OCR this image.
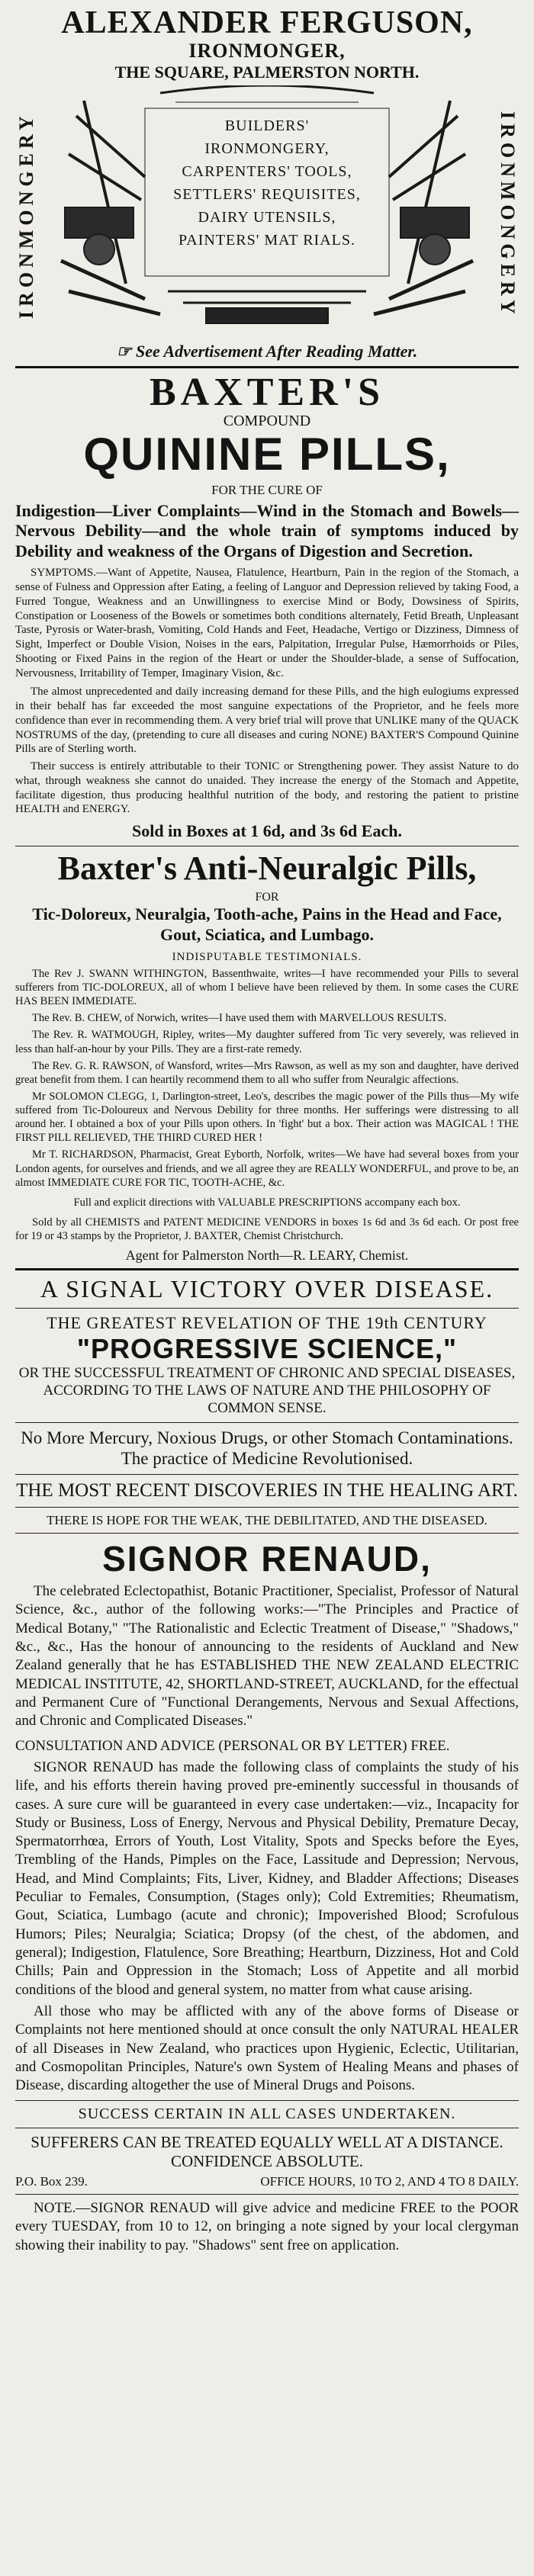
ALEXANDER FERGUSON,
IRONMONGER,
THE SQUARE, PALMERSTON NORTH.
IRONMONGERY	IRONMONGERY
BUILDERS' IRONMONGERY,
CARPENTERS' TOOLS,
SETTLERS' REQUISITES,
DAIRY UTENSILS,
PAINTERS' MAT RIALS.
☞ See Advertisement After Reading Matter.
BAXTER'S
COMPOUND
QUININE PILLS,
FOR THE CURE OF

Indigestion—Liver Complaints—Wind in the Stomach and Bowels—Nervous Debility—and the whole train of symptoms induced by Debility and weakness of the Organs of Digestion and Secretion.

SYMPTOMS.—Want of Appetite, Nausea, Flatulence, Heartburn, Pain in the region of the Stomach, a sense of Fulness and Oppression after Eating, a feeling of Languor and Depression relieved by taking Food, a Furred Tongue, Weakness and an Unwillingness to exercise Mind or Body, Dowsiness of Spirits, Constipation or Looseness of the Bowels or sometimes both conditions alternately, Fetid Breath, Unpleasant Taste, Pyrosis or Water-brash, Vomiting, Cold Hands and Feet, Headache, Vertigo or Dizziness, Dimness of Sight, Imperfect or Double Vision, Noises in the ears, Palpitation, Irregular Pulse, Hæmorrhoids or Piles, Shooting or Fixed Pains in the region of the Heart or under the Shoulder-blade, a sense of Suffocation, Nervousness, Irritability of Temper, Imaginary Vision, &c.

The almost unprecedented and daily increasing demand for these Pills, and the high eulogiums expressed in their behalf has far exceeded the most sanguine expectations of the Proprietor, and he feels more confidence than ever in recommending them. A very brief trial will prove that UNLIKE many of the QUACK NOSTRUMS of the day, (pretending to cure all diseases and curing NONE) BAXTER'S Compound Quinine Pills are of Sterling worth.

Their success is entirely attributable to their TONIC or Strengthening power. They assist Nature to do what, through weakness she cannot do unaided. They increase the energy of the Stomach and Appetite, facilitate digestion, thus producing healthful nutrition of the body, and restoring the patient to pristine HEALTH and ENERGY.

Sold in Boxes at 1 6d, and 3s 6d Each.
Baxter's Anti-Neuralgic Pills,
FOR
Tic-Doloreux, Neuralgia, Tooth-ache, Pains in the Head and Face, Gout, Sciatica, and Lumbago.
INDISPUTABLE TESTIMONIALS.

The Rev J. SWANN WITHINGTON, Bassenthwaite, writes—I have recommended your Pills to several sufferers from TIC-DOLOREUX, all of whom I believe have been relieved by them. In some cases the CURE HAS BEEN IMMEDIATE.

The Rev. B. CHEW, of Norwich, writes—I have used them with MARVELLOUS RESULTS.

The Rev. R. WATMOUGH, Ripley, writes—My daughter suffered from Tic very severely, was relieved in less than half-an-hour by your Pills. They are a first-rate remedy.

The Rev. G. R. RAWSON, of Wansford, writes—Mrs Rawson, as well as my son and daughter, have derived great benefit from them. I can heartily recommend them to all who suffer from Neuralgic affections.

Mr SOLOMON CLEGG, 1, Darlington-street, Leo's, describes the magic power of the Pills thus—My wife suffered from Tic-Doloureux and Nervous Debility for three months. Her sufferings were distressing to all around her. I obtained a box of your Pills upon others. In 'fight' but a box. Their action was MAGICAL ! THE FIRST PILL RELIEVED, THE THIRD CURED HER !

Mr T. RICHARDSON, Pharmacist, Great Eyborth, Norfolk, writes—We have had several boxes from your London agents, for ourselves and friends, and we all agree they are REALLY WONDERFUL, and prove to be, an almost IMMEDIATE CURE FOR TIC, TOOTH-ACHE, &c.

Full and explicit directions with VALUABLE PRESCRIPTIONS accompany each box.

Sold by all CHEMISTS and PATENT MEDICINE VENDORS in boxes 1s 6d and 3s 6d each. Or post free for 19 or 43 stamps by the Proprietor, J. BAXTER, Chemist Christchurch.

Agent for Palmerston North—R. LEARY, Chemist.
A SIGNAL VICTORY OVER DISEASE.
THE GREATEST REVELATION OF THE 19th CENTURY
"PROGRESSIVE SCIENCE,"
OR THE SUCCESSFUL TREATMENT OF CHRONIC AND SPECIAL DISEASES, ACCORDING TO THE LAWS OF NATURE AND THE PHILOSOPHY OF COMMON SENSE.
No More Mercury, Noxious Drugs, or other Stomach Contaminations. The practice of Medicine Revolutionised.
THE MOST RECENT DISCOVERIES IN THE HEALING ART.
THERE IS HOPE FOR THE WEAK, THE DEBILITATED, AND THE DISEASED.
SIGNOR RENAUD,

The celebrated Eclectopathist, Botanic Practitioner, Specialist, Professor of Natural Science, &c., author of the following works:—"The Principles and Practice of Medical Botany," "The Rationalistic and Eclectic Treatment of Disease," "Shadows," &c., &c., Has the honour of announcing to the residents of Auckland and New Zealand generally that he has ESTABLISHED THE NEW ZEALAND ELECTRIC MEDICAL INSTITUTE, 42, SHORTLAND-STREET, AUCKLAND, for the effectual and Permanent Cure of "Functional Derangements, Nervous and Sexual Affections, and Chronic and Complicated Diseases."

CONSULTATION AND ADVICE (PERSONAL OR BY LETTER) FREE.

SIGNOR RENAUD has made the following class of complaints the study of his life, and his efforts therein having proved pre-eminently successful in thousands of cases. A sure cure will be guaranteed in every case undertaken:—viz., Incapacity for Study or Business, Loss of Energy, Nervous and Physical Debility, Premature Decay, Spermatorrhœa, Errors of Youth, Lost Vitality, Spots and Specks before the Eyes, Trembling of the Hands, Pimples on the Face, Lassitude and Depression; Nervous, Head, and Mind Complaints; Fits, Liver, Kidney, and Bladder Affections; Diseases Peculiar to Females, Consumption, (Stages only); Cold Extremities; Rheumatism, Gout, Sciatica, Lumbago (acute and chronic); Impoverished Blood; Scrofulous Humors; Piles; Neuralgia; Sciatica; Dropsy (of the chest, of the abdomen, and general); Indigestion, Flatulence, Sore Breathing; Heartburn, Dizziness, Hot and Cold Chills; Pain and Oppression in the Stomach; Loss of Appetite and all morbid conditions of the blood and general system, no matter from what cause arising.

All those who may be afflicted with any of the above forms of Disease or Complaints not here mentioned should at once consult the only NATURAL HEALER of all Diseases in New Zealand, who practices upon Hygienic, Eclectic, Utilitarian, and Cosmopolitan Principles, Nature's own System of Healing Means and phases of Disease, discarding altogether the use of Mineral Drugs and Poisons.

SUCCESS CERTAIN IN ALL CASES UNDERTAKEN.
SUFFERERS CAN BE TREATED EQUALLY WELL AT A DISTANCE. CONFIDENCE ABSOLUTE.
P.O. Box 239.	OFFICE HOURS, 10 TO 2, AND 4 TO 8 DAILY.

NOTE.—SIGNOR RENAUD will give advice and medicine FREE to the POOR every TUESDAY, from 10 to 12, on bringing a note signed by your local clergyman showing their inability to pay. "Shadows" sent free on application.
